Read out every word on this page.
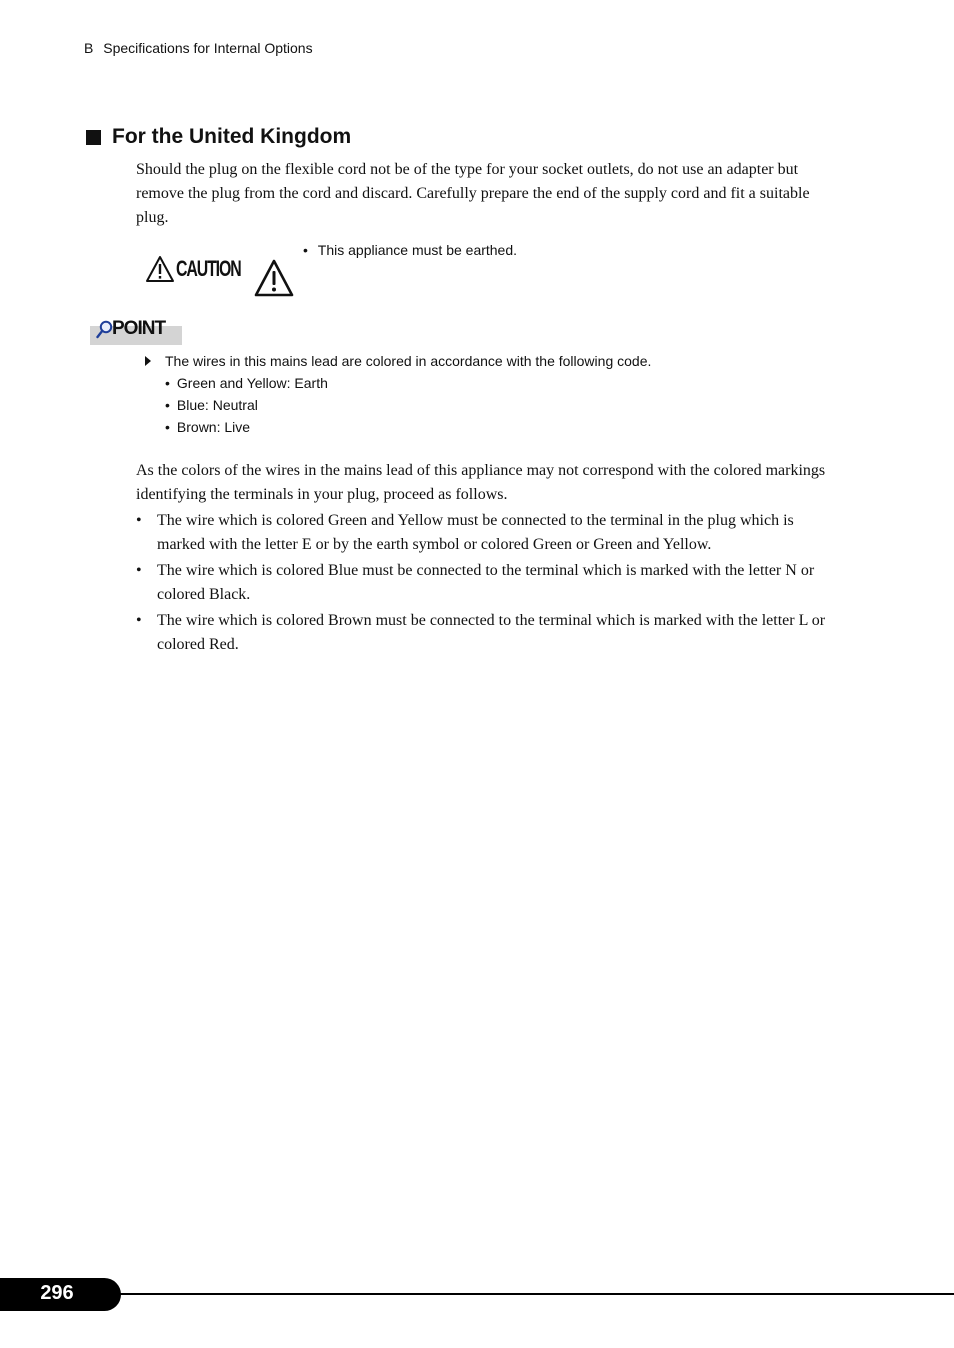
B Specifications for Internal Options
For the United Kingdom
Should the plug on the flexible cord not be of the type for your socket outlets, do not use an adapter but remove the plug from the cord and discard. Carefully prepare the end of the supply cord and fit a suitable plug.
CAUTION
• This appliance must be earthed.
POINT
The wires in this mains lead are colored in accordance with the following code.
• Green and Yellow: Earth
• Blue: Neutral
• Brown: Live
As the colors of the wires in the mains lead of this appliance may not correspond with the colored markings identifying the terminals in your plug, proceed as follows.
• The wire which is colored Green and Yellow must be connected to the terminal in the plug which is marked with the letter E or by the earth symbol or colored Green or Green and Yellow.
• The wire which is colored Blue must be connected to the terminal which is marked with the letter N or colored Black.
• The wire which is colored Brown must be connected to the terminal which is marked with the letter L or colored Red.
296
